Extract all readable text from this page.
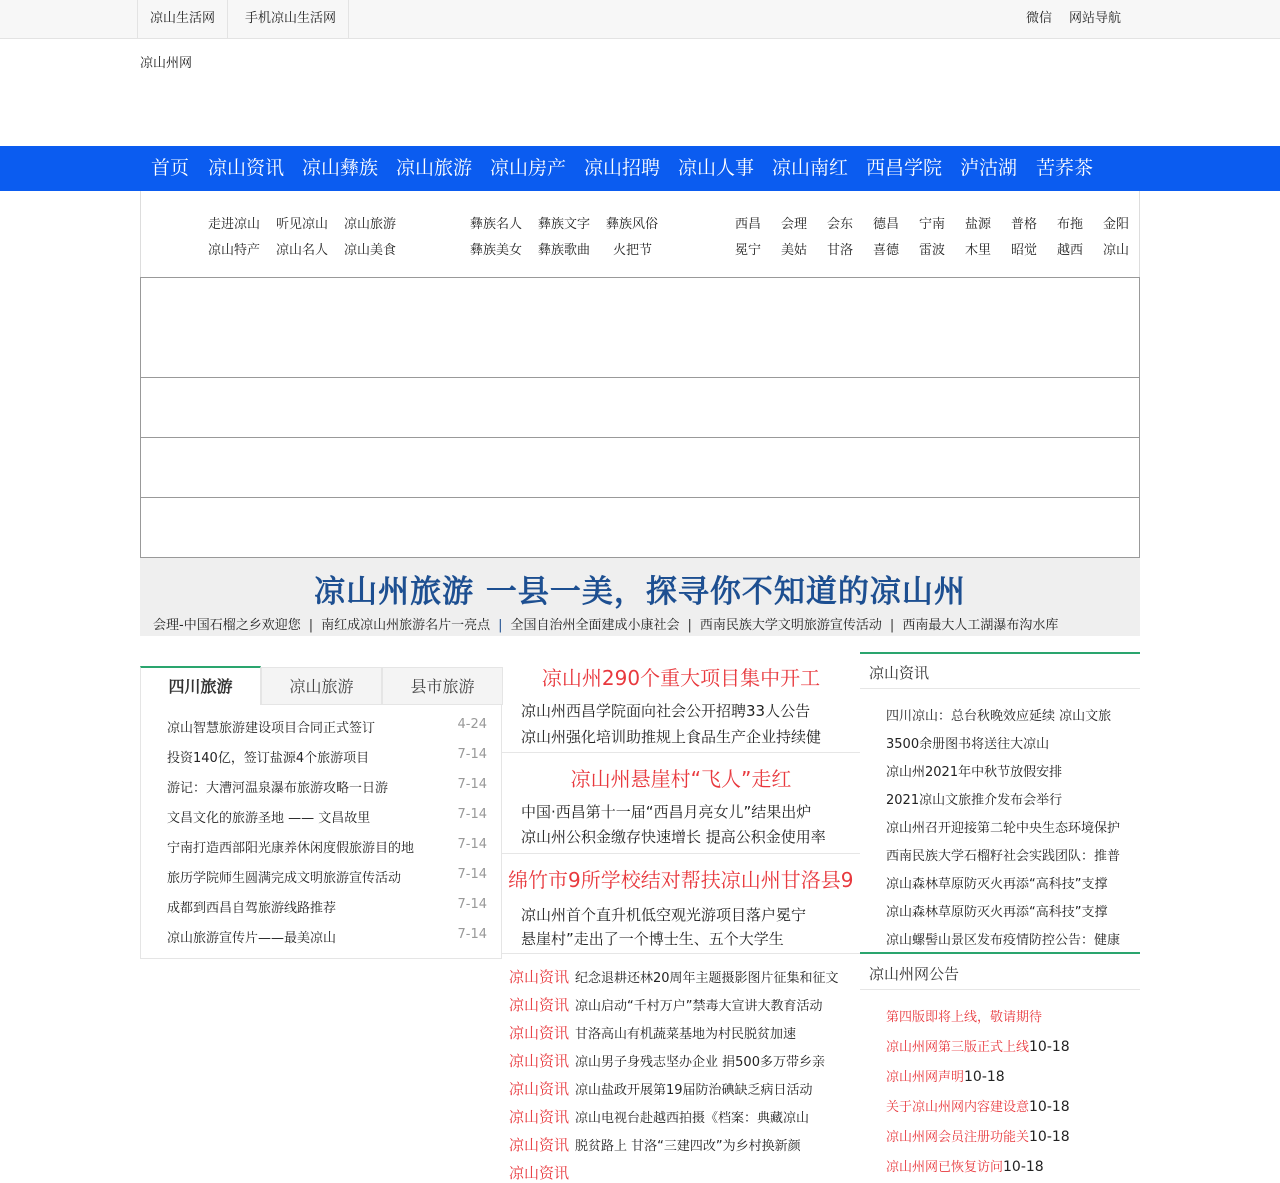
凉山生活网	手机凉山生活网	微信 网站导航
凉山州网
首页 凉山资讯 凉山彝族 凉山旅游 凉山房产 凉山招聘 凉山人事 凉山南红 西昌学院 泸沽湖 苦荞茶
走进凉山 听见凉山 凉山旅游
凉山特产 凉山名人 凉山美食
彝族名人 彝族文字 彝族风俗
彝族美女 彝族歌曲 火把节
西昌 会理 会东 德昌 宁南 盐源 普格 布拖 金阳
冕宁 美姑 甘洛 喜德 雷波 木里 昭觉 越西 凉山
凉山州旅游 一县一美，探寻你不知道的凉山州
会理-中国石榴之乡欢迎您 | 南红成凉山州旅游名片一亮点 | 全国自治州全面建成小康社会 | 西南民族大学文明旅游宣传活动 | 西南最大人工湖瀑布沟水库
四川旅游	凉山旅游	县市旅游
凉山智慧旅游建设项目合同正式签订	4-24
投资140亿，签订盐源4个旅游项目	7-14
游记：大漕河温泉瀑布旅游攻略一日游	7-14
文昌文化的旅游圣地 —— 文昌故里	7-14
宁南打造西部阳光康养休闲度假旅游目的地	7-14
旅历学院师生圆满完成文明旅游宣传活动	7-14
成都到西昌自驾旅游线路推荐	7-14
凉山旅游宣传片——最美凉山	7-14
凉山州290个重大项目集中开工
凉山州西昌学院面向社会公开招聘33人公告
凉山州强化培训助推规上食品生产企业持续健
凉山州悬崖村“飞人”走红
中国·西昌第十一届“西昌月亮女儿”结果出炉
凉山州公积金缴存快速增长 提高公积金使用率
绵竹市9所学校结对帮扶凉山州甘洛县9
凉山州首个直升机低空观光游项目落户冕宁
悬崖村”走出了一个博士生、五个大学生
凉山资讯 纪念退耕还林20周年主题摄影图片征集和征文
凉山资讯 凉山启动“千村万户”禁毒大宣讲大教育活动
凉山资讯 甘洛高山有机蔬菜基地为村民脱贫加速
凉山资讯 凉山男子身残志坚办企业 捐500多万带乡亲
凉山资讯 凉山盐政开展第19届防治碘缺乏病日活动
凉山资讯 凉山电视台赴越西拍摄《档案：典藏凉山
凉山资讯 脱贫路上 甘洛“三建四改”为乡村换新颜
凉山资讯
凉山资讯
四川凉山：总台秋晚效应延续 凉山文旅
3500余册图书将送往大凉山
凉山州2021年中秋节放假安排
2021凉山文旅推介发布会举行
凉山州召开迎接第二轮中央生态环境保护
西南民族大学石榴籽社会实践团队：推普
凉山森林草原防灭火再添“高科技”支撑
凉山森林草原防灭火再添“高科技”支撑
凉山螺髻山景区发布疫情防控公告：健康
凉山州网公告
第四版即将上线，敬请期待
凉山州网第三版正式上线10-18
凉山州网声明10-18
关于凉山州网内容建设意10-18
凉山州网会员注册功能关10-18
凉山州网已恢复访问10-18
